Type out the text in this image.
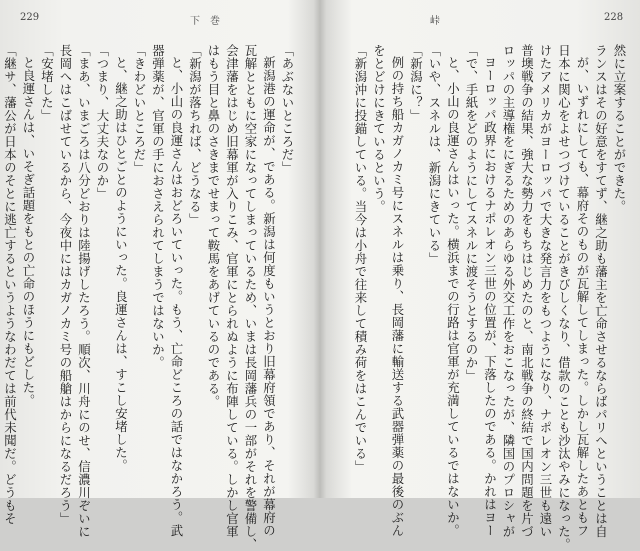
229	下　巻
「あぶないところだ」
新潟港の運命が、である。新潟は何度もいうとおり旧幕府領であり、それが幕府の
瓦解とともに空家になってしまっているため、いまは長岡藩兵の一部がそれを警備し、
会津藩をはじめ旧幕軍が入りこみ、官軍にとられぬように布陣している。しかし官軍
はもう目と鼻のさきまでせまって鞍馬をあげているのである。
「新潟が落ちれば、どうなる」
と、小山の良運さんはおどろいていった。もう、亡命どころの話ではなかろう。武
器弾薬が、官軍の手におさえられてしまうではないか。
「きわどいところだ」
と、継之助はひとごとのようにいった。良運さんは、すこし安堵した。
「つまり、大丈夫なのか」
「まあ、いまごろは八分どおりは陸揚げしたろう。順次、川舟にのせ、信濃川ぞいに
長岡へはこばせているから、今夜中にはカガノカミ号の船艙はからになるだろう」
「安堵した」
と良運さんは、いそぎ話題をもとの亡命のほうにもどした。
「継サ、藩公が日本のそとに逃亡するというようなわだては前代未聞だ。どうもそ
峠	228
然に立案することができた。
ランスはその好意をすてず、継之助も藩主を亡命させるならばパリへということは自
が、いずれにしても、幕府そのものが瓦解してしまった。しかし瓦解したあともフ
日本に関心をよせつづけていることがきびしくなり、借款のことも沙汰やみになった。
けたアメリカがヨーロッパで大きな発言力をもつようになり、ナポレオン三世も遠い
普墺戦争の結果、強大な勢力をもちはじめたのと、南北戦争の終結で国内問題を片づ
ロッパの主導権をにぎるためのあらゆる外交工作をおこなったが、隣国のプロシャが
ヨーロッパ政界におけるナポレオン三世の位置が、下落したのである。かれはヨー
「で、手紙をどのようにしてスネルに渡そうとするのか」
と、小山の良運さんはいった。横浜までの行路は官軍が充満しているではないか。
「いや、スネルは、新潟にきている」
「新潟に？」
例の持ち船カガノカミ号にスネルは乗り、長岡藩に輸送する武器弾薬の最後のぶん
をとどけにきているという。
「新潟沖に投錨している。当今は小舟で往来して積み荷をはこんでいる」
